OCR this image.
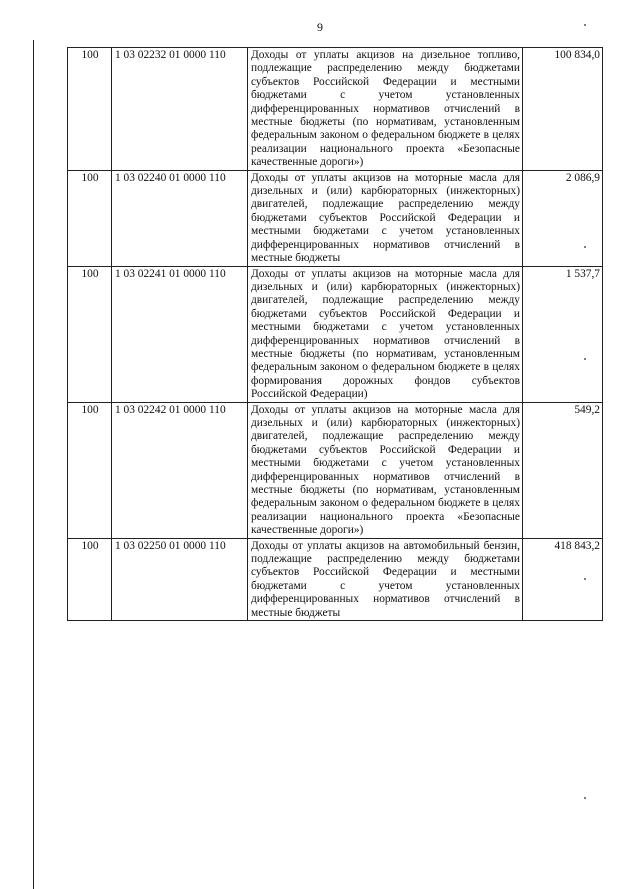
9
100	1 03 02232 01 0000 110	Доходы от уплаты акцизов на дизельное топливо, подлежащие распределению между бюджетами субъектов Российской Федерации и местными бюджетами с учетом установленных дифференцированных нормативов отчислений в местные бюджеты (по нормативам, установленным федеральным законом о федеральном бюджете в целях реализации национального проекта «Безопасные качественные дороги»)	100 834,0
100	1 03 02240 01 0000 110	Доходы от уплаты акцизов на моторные масла для дизельных и (или) карбюраторных (инжекторных) двигателей, подлежащие распределению между бюджетами субъектов Российской Федерации и местными бюджетами с учетом установленных дифференцированных нормативов отчислений в местные бюджеты	2 086,9
100	1 03 02241 01 0000 110	Доходы от уплаты акцизов на моторные масла для дизельных и (или) карбюраторных (инжекторных) двигателей, подлежащие распределению между бюджетами субъектов Российской Федерации и местными бюджетами с учетом установленных дифференцированных нормативов отчислений в местные бюджеты (по нормативам, установленным федеральным законом о федеральном бюджете в целях формирования дорожных фондов субъектов Российской Федерации)	1 537,7
100	1 03 02242 01 0000 110	Доходы от уплаты акцизов на моторные масла для дизельных и (или) карбюраторных (инжекторных) двигателей, подлежащие распределению между бюджетами субъектов Российской Федерации и местными бюджетами с учетом установленных дифференцированных нормативов отчислений в местные бюджеты (по нормативам, установленным федеральным законом о федеральном бюджете в целях реализации национального проекта «Безопасные качественные дороги»)	549,2
100	1 03 02250 01 0000 110	Доходы от уплаты акцизов на автомобильный бензин, подлежащие распределению между бюджетами субъектов Российской Федерации и местными бюджетами с учетом установленных дифференцированных нормативов отчислений в местные бюджеты	418 843,2
